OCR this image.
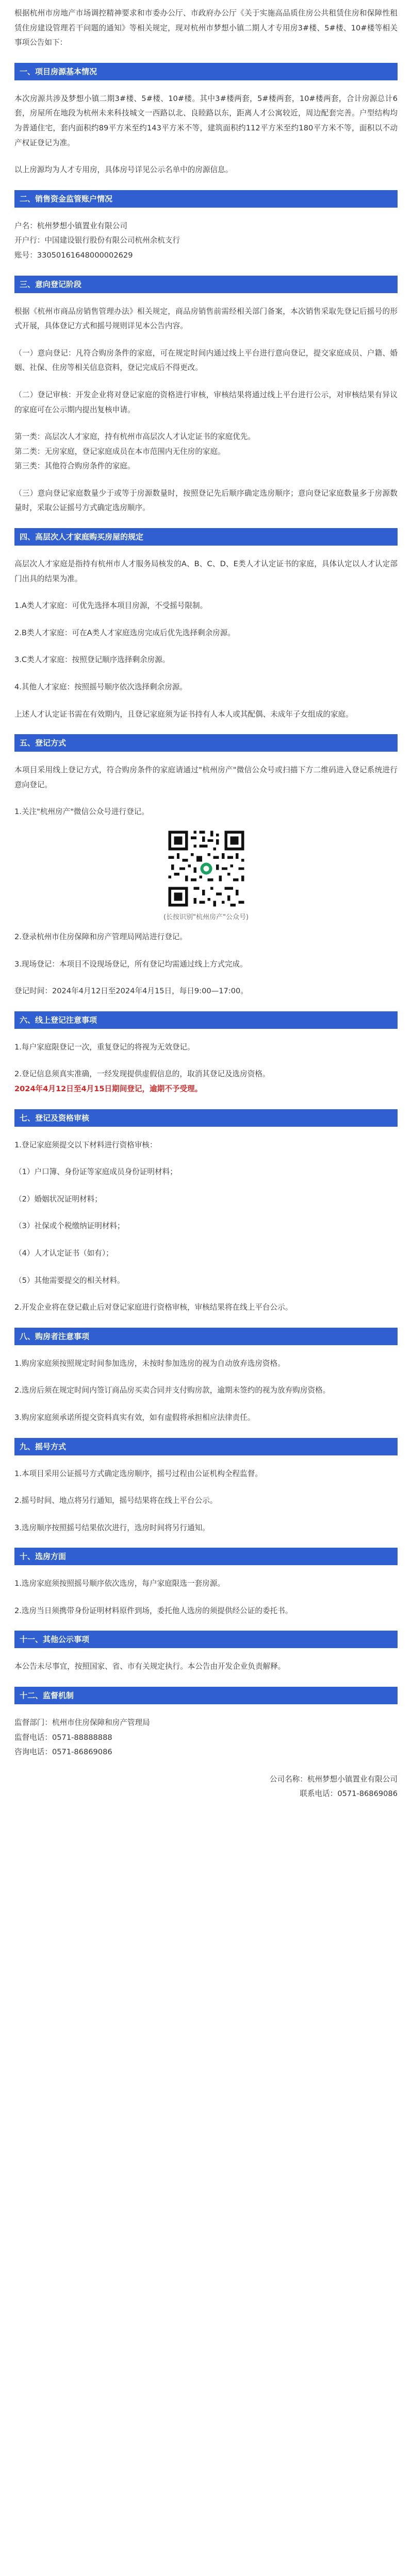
根据杭州市房地产市场调控精神要求和市委办公厅、市政府办公厅《关于实施高品质住房公共租赁住房和保障性租赁住房建设管理若干问题的通知》等相关规定，现对杭州市梦想小镇二期人才专用房3#楼、5#楼、10#楼等相关事项公告如下：

一、项目房源基本情况

本次房源共涉及梦想小镇二期3#楼、5#楼、10#楼。其中3#楼两套，5#楼两套，10#楼两套，合计房源总计6套，房屋所在地段为杭州未来科技城文一西路以北、良睦路以东，距离人才公寓较近，周边配套完善。户型结构均为普通住宅，套内面积约89平方米至约143平方米不等，建筑面积约112平方米至约180平方米不等，面积以不动产权证登记为准。

以上房源均为人才专用房，具体房号详见公示名单中的房源信息。

二、销售资金监管账户情况

户名：杭州梦想小镇置业有限公司

开户行：中国建设银行股份有限公司杭州余杭支行

账号：33050161648000002629

三、意向登记阶段

根据《杭州市商品房销售管理办法》相关规定，商品房销售前需经相关部门备案，本次销售采取先登记后摇号的形式开展，具体登记方式和摇号规则详见本公告内容。

（一）意向登记：凡符合购房条件的家庭，可在规定时间内通过线上平台进行意向登记，提交家庭成员、户籍、婚姻、社保、住房等相关信息资料，登记完成后不得更改。

（二）登记审核：开发企业将对登记家庭的资格进行审核，审核结果将通过线上平台进行公示，对审核结果有异议的家庭可在公示期内提出复核申请。

第一类：高层次人才家庭，持有杭州市高层次人才认定证书的家庭优先。

第二类：无房家庭，登记家庭成员在本市范围内无住房的家庭。

第三类：其他符合购房条件的家庭。

（三）意向登记家庭数量少于或等于房源数量时，按照登记先后顺序确定选房顺序；意向登记家庭数量多于房源数量时，采取公证摇号方式确定选房顺序。

四、高层次人才家庭购买房屋的规定

高层次人才家庭是指持有杭州市人才服务局核发的A、B、C、D、E类人才认定证书的家庭，具体认定以人才认定部门出具的结果为准。

1.A类人才家庭：可优先选择本项目房源，不受摇号限制。

2.B类人才家庭：可在A类人才家庭选房完成后优先选择剩余房源。

3.C类人才家庭：按照登记顺序选择剩余房源。

4.其他人才家庭：按照摇号顺序依次选择剩余房源。

上述人才认定证书需在有效期内，且登记家庭须为证书持有人本人或其配偶、未成年子女组成的家庭。

五、登记方式

本项目采用线上登记方式，符合购房条件的家庭请通过"杭州房产"微信公众号或扫描下方二维码进入登记系统进行意向登记。

1.关注"杭州房产"微信公众号进行登记。

(长按识别"杭州房产"公众号)

2.登录杭州市住房保障和房产管理局网站进行登记。

3.现场登记：本项目不设现场登记，所有登记均需通过线上方式完成。

登记时间：2024年4月12日至2024年4月15日，每日9:00—17:00。

六、线上登记注意事项

1.每户家庭限登记一次，重复登记的将视为无效登记。

2.登记信息须真实准确，一经发现提供虚假信息的，取消其登记及选房资格。

2024年4月12日至4月15日期间登记，逾期不予受理。

七、登记及资格审核

1.登记家庭须提交以下材料进行资格审核：

（1）户口簿、身份证等家庭成员身份证明材料；

（2）婚姻状况证明材料；

（3）社保或个税缴纳证明材料；

（4）人才认定证书（如有）；

（5）其他需要提交的相关材料。

2.开发企业将在登记截止后对登记家庭进行资格审核，审核结果将在线上平台公示。

八、购房者注意事项

1.购房家庭须按照规定时间参加选房，未按时参加选房的视为自动放弃选房资格。

2.选房后须在规定时间内签订商品房买卖合同并支付购房款，逾期未签约的视为放弃购房资格。

3.购房家庭须承诺所提交资料真实有效，如有虚假将承担相应法律责任。

九、摇号方式

1.本项目采用公证摇号方式确定选房顺序，摇号过程由公证机构全程监督。

2.摇号时间、地点将另行通知，摇号结果将在线上平台公示。

3.选房顺序按照摇号结果依次进行，选房时间将另行通知。

十、选房方面

1.选房家庭须按照摇号顺序依次选房，每户家庭限选一套房源。

2.选房当日须携带身份证明材料原件到场，委托他人选房的须提供经公证的委托书。

十一、其他公示事项

本公告未尽事宜，按照国家、省、市有关规定执行。本公告由开发企业负责解释。

十二、监督机制

监督部门：杭州市住房保障和房产管理局

监督电话：0571-88888888

咨询电话：0571-86869086

公司名称：杭州梦想小镇置业有限公司

联系电话：0571-86869086
